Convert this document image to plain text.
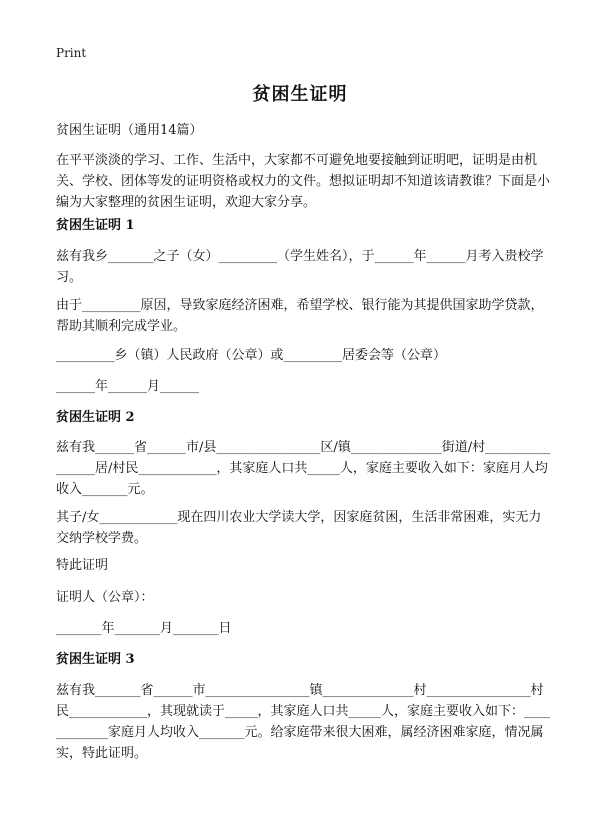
Print
贫困生证明
贫困生证明（通用14篇）
在平平淡淡的学习、工作、生活中，大家都不可避免地要接触到证明吧，证明是由机关、学校、团体等发的证明资格或权力的文件。想拟证明却不知道该请教谁？下面是小编为大家整理的贫困生证明，欢迎大家分享。
贫困生证明 1
兹有我乡_______之子（女）_________（学生姓名），于______年______月考入贵校学习。
由于_________原因，导致家庭经济困难，希望学校、银行能为其提供国家助学贷款，帮助其顺利完成学业。
_________乡（镇）人民政府（公章）或_________居委会等（公章）
______年______月______
贫困生证明 2
兹有我______省______市/县________________区/镇______________街道/村________________居/村民____________，其家庭人口共_____人，家庭主要收入如下：家庭月人均收入_______元。
其子/女____________现在四川农业大学读大学，因家庭贫困，生活非常困难，实无力交纳学校学费。
特此证明
证明人（公章）：
_______年_______月_______日
贫困生证明 3
兹有我_______省______市________________镇______________村________________村民____________，其现就读于_____，其家庭人口共_____人，家庭主要收入如下：____________家庭月人均收入_______元。给家庭带来很大困难，属经济困难家庭，情况属实，特此证明。
